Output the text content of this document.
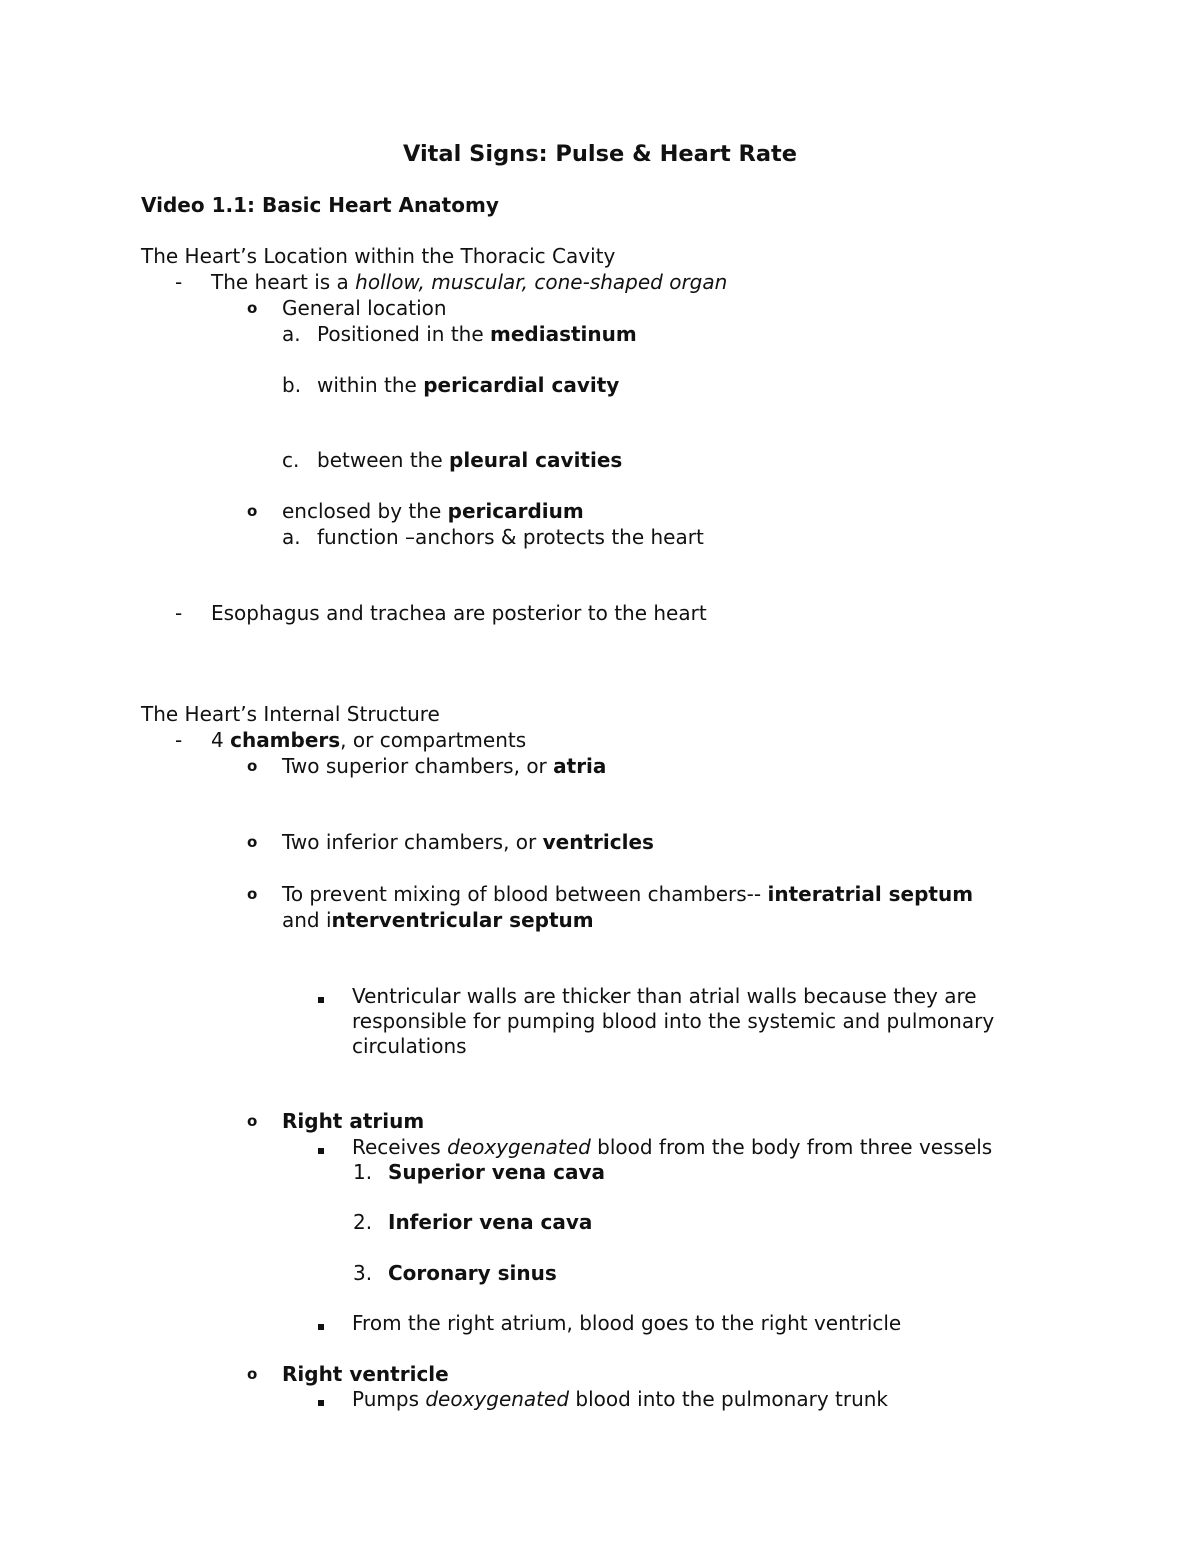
Vital Signs: Pulse & Heart Rate
Video 1.1: Basic Heart Anatomy
The Heart’s Location within the Thoracic Cavity
- The heart is a hollow, muscular, cone-shaped organ
o General location
a. Positioned in the mediastinum
b. within the pericardial cavity
c. between the pleural cavities
o enclosed by the pericardium
a. function –anchors & protects the heart
- Esophagus and trachea are posterior to the heart
The Heart’s Internal Structure
- 4 chambers, or compartments
o Two superior chambers, or atria
o Two inferior chambers, or ventricles
o To prevent mixing of blood between chambers-- interatrial septum
and interventricular septum
Ventricular walls are thicker than atrial walls because they are
responsible for pumping blood into the systemic and pulmonary
circulations
o Right atrium
Receives deoxygenated blood from the body from three vessels
1. Superior vena cava
2. Inferior vena cava
3. Coronary sinus
From the right atrium, blood goes to the right ventricle
o Right ventricle
Pumps deoxygenated blood into the pulmonary trunk
